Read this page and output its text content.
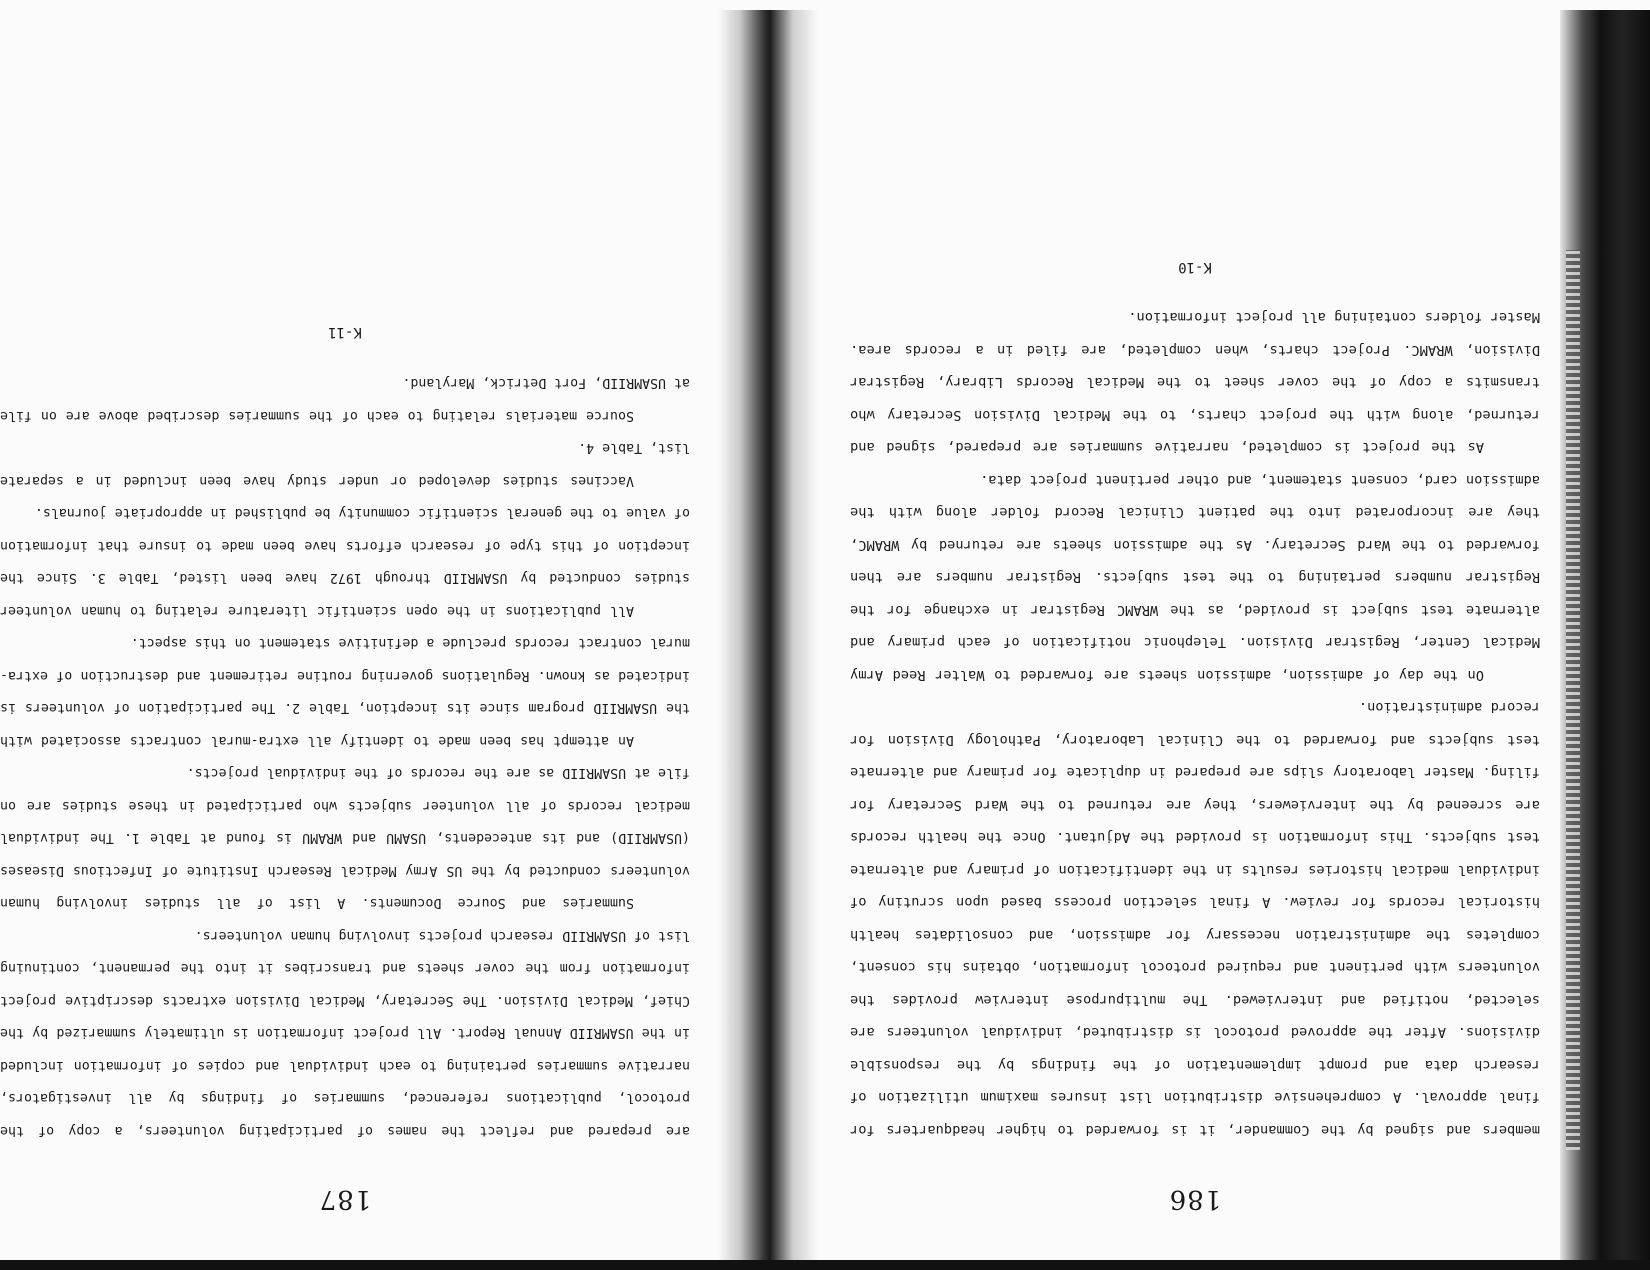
186

members and signed by the Commander, it is forwarded to higher headquarters for final approval. A comprehensive distribution list insures maximum utilization of research data and prompt implementation of the findings by the responsible divisions. After the approved protocol is distributed, individual volunteers are selected, notified and interviewed. The multipurpose interview provides the volunteers with pertinent and required protocol information, obtains his consent, completes the administration necessary for admission, and consolidates health historical records for review. A final selection process based upon scrutiny of individual medical histories results in the identification of primary and alternate test subjects. This information is provided the Adjutant. Once the health records are screened by the interviewers, they are returned to the Ward Secretary for filing. Master laboratory slips are prepared in duplicate for primary and alternate test subjects and forwarded to the Clinical Laboratory, Pathology Division for record administration.

On the day of admission, admission sheets are forwarded to Walter Reed Army Medical Center, Registrar Division. Telephonic notification of each primary and alternate test subject is provided, as the WRAMC Registrar in exchange for the Registrar numbers pertaining to the test subjects. Registrar numbers are then forwarded to the Ward Secretary. As the admission sheets are returned by WRAMC, they are incorporated into the patient Clinical Record folder along with the admission card, consent statement, and other pertinent project data.

As the project is completed, narrative summaries are prepared, signed and returned, along with the project charts, to the Medical Division Secretary who transmits a copy of the cover sheet to the Medical Records Library, Registrar Division, WRAMC. Project charts, when completed, are filed in a records area. Master folders containing all project information.

K-10
187

are prepared and reflect the names of participating volunteers, a copy of the protocol, publications referenced, summaries of findings by all investigators, narrative summaries pertaining to each individual and copies of information included in the USAMRIID Annual Report. All project information is ultimately summarized by the Chief, Medical Division. The Secretary, Medical Division extracts descriptive project information from the cover sheets and transcribes it into the permanent, continuing list of USAMRIID research projects involving human volunteers.

Summaries and Source Documents. A list of all studies involving human volunteers conducted by the US Army Medical Research Institute of Infectious Diseases (USAMRIID) and its antecedents, USAMU and WRAMU is found at Table 1. The individual medical records of all volunteer subjects who participated in these studies are on file at USAMRIID as are the records of the individual projects.

An attempt has been made to identify all extra-mural contracts associated with the USAMRIID program since its inception, Table 2. The participation of volunteers is indicated as known. Regulations governing routine retirement and destruction of extra-mural contract records preclude a definitive statement on this aspect.

All publications in the open scientific literature relating to human volunteer studies conducted by USAMRIID through 1972 have been listed, Table 3. Since the inception of this type of research efforts have been made to insure that information of value to the general scientific community be published in appropriate journals.

Vaccines studies developed or under study have been included in a separate list, Table 4.

Source materials relating to each of the summaries described above are on file at USAMRIID, Fort Detrick, Maryland.

K-11
